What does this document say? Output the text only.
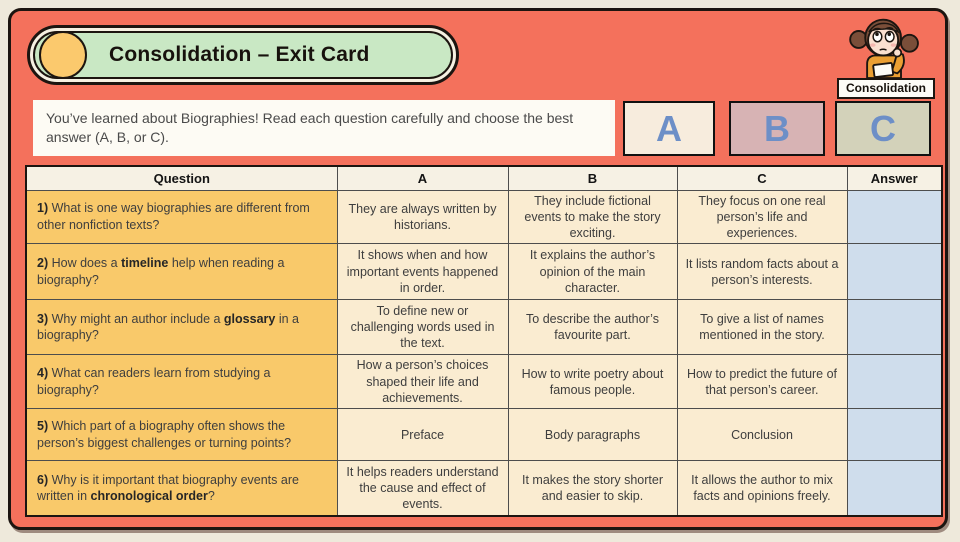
Consolidation – Exit Card
Consolidation
You’ve learned about Biographies! Read each question carefully and choose the best answer (A, B, or C).	A B C
Question	A	B	C	Answer
1) What is one way biographies are different from other nonfiction texts?	They are always written by historians.	They include fictional events to make the story exciting.	They focus on one real person’s life and experiences.	
2) How does a timeline help when reading a biography?	It shows when and how important events happened in order.	It explains the author’s opinion of the main character.	It lists random facts about a person’s interests.	
3) Why might an author include a glossary in a biography?	To define new or challenging words used in the text.	To describe the author’s favourite part.	To give a list of names mentioned in the story.	
4) What can readers learn from studying a biography?	How a person’s choices shaped their life and achievements.	How to write poetry about famous people.	How to predict the future of that person’s career.	
5) Which part of a biography often shows the person’s biggest challenges or turning points?	Preface	Body paragraphs	Conclusion	
6) Why is it important that biography events are written in chronological order?	It helps readers understand the cause and effect of events.	It makes the story shorter and easier to skip.	It allows the author to mix facts and opinions freely.	
